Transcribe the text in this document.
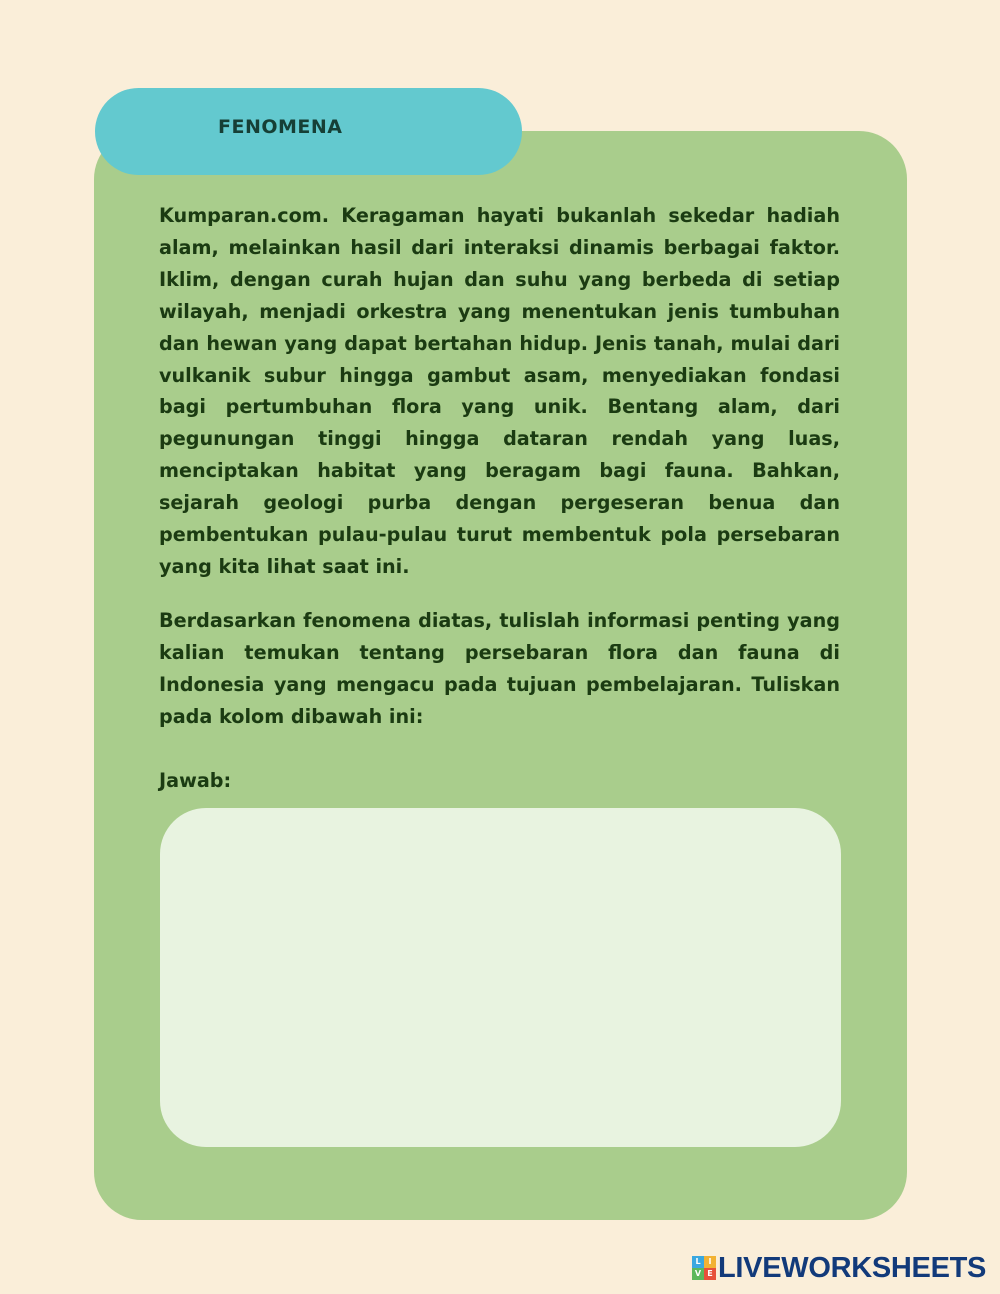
FENOMENA

Kumparan.com. Keragaman hayati bukanlah sekedar hadiah alam, melainkan hasil dari interaksi dinamis berbagai faktor. Iklim, dengan curah hujan dan suhu yang berbeda di setiap wilayah, menjadi orkestra yang menentukan jenis tumbuhan dan hewan yang dapat bertahan hidup. Jenis tanah, mulai dari vulkanik subur hingga gambut asam, menyediakan fondasi bagi pertumbuhan flora yang unik. Bentang alam, dari pegunungan tinggi hingga dataran rendah yang luas, menciptakan habitat yang beragam bagi fauna. Bahkan, sejarah geologi purba dengan pergeseran benua dan pembentukan pulau-pulau turut membentuk pola persebaran yang kita lihat saat ini.

Berdasarkan fenomena diatas, tulislah informasi penting yang kalian temukan tentang persebaran flora dan fauna di Indonesia yang mengacu pada tujuan pembelajaran. Tuliskan pada kolom dibawah ini:

Jawab:
L I
V E LIVEWORKSHEETS
